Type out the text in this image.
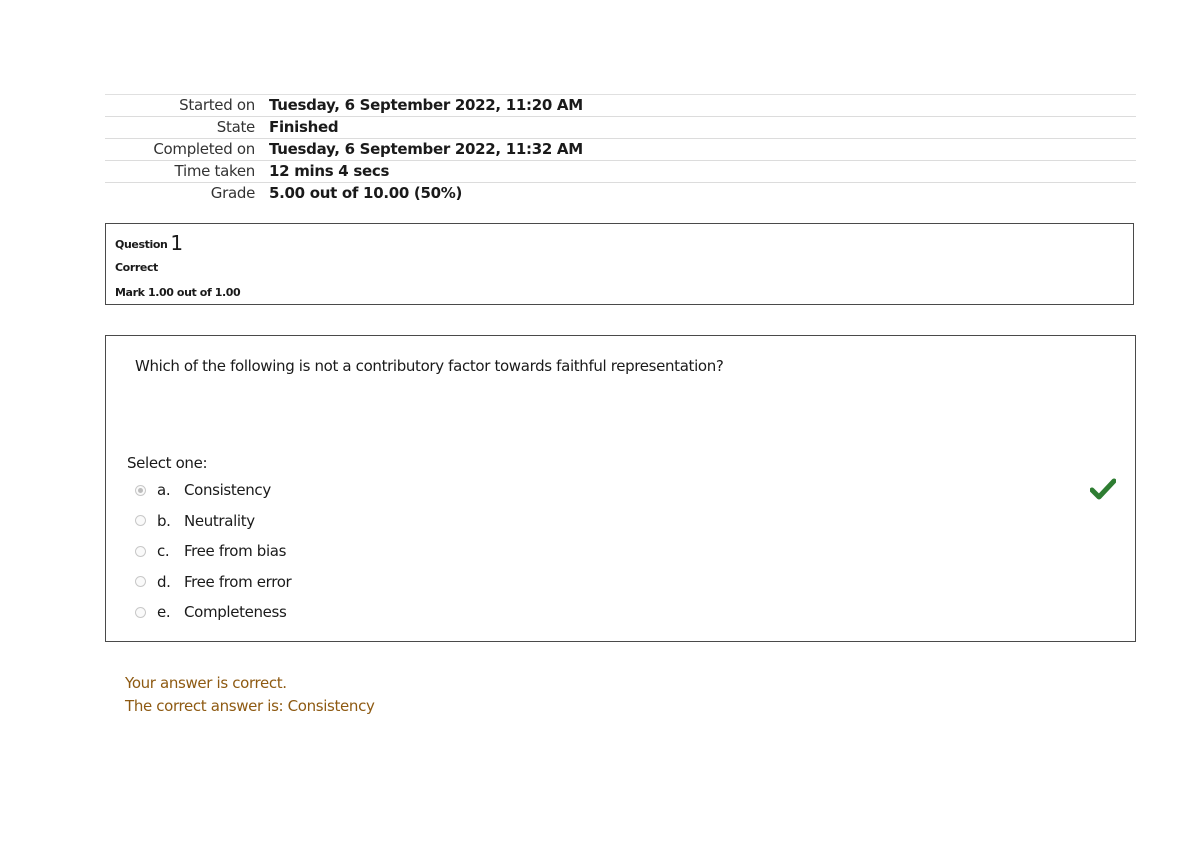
Started on	Tuesday, 6 September 2022, 11:20 AM
State	Finished
Completed on	Tuesday, 6 September 2022, 11:32 AM
Time taken	12 mins 4 secs
Grade	5.00 out of 10.00 (50%)
Question 1
Correct
Mark 1.00 out of 1.00
Which of the following is not a contributory factor towards faithful representation?
Select one:
a. Consistency
b. Neutrality
c. Free from bias
d. Free from error
e. Completeness
Your answer is correct.
The correct answer is: Consistency
